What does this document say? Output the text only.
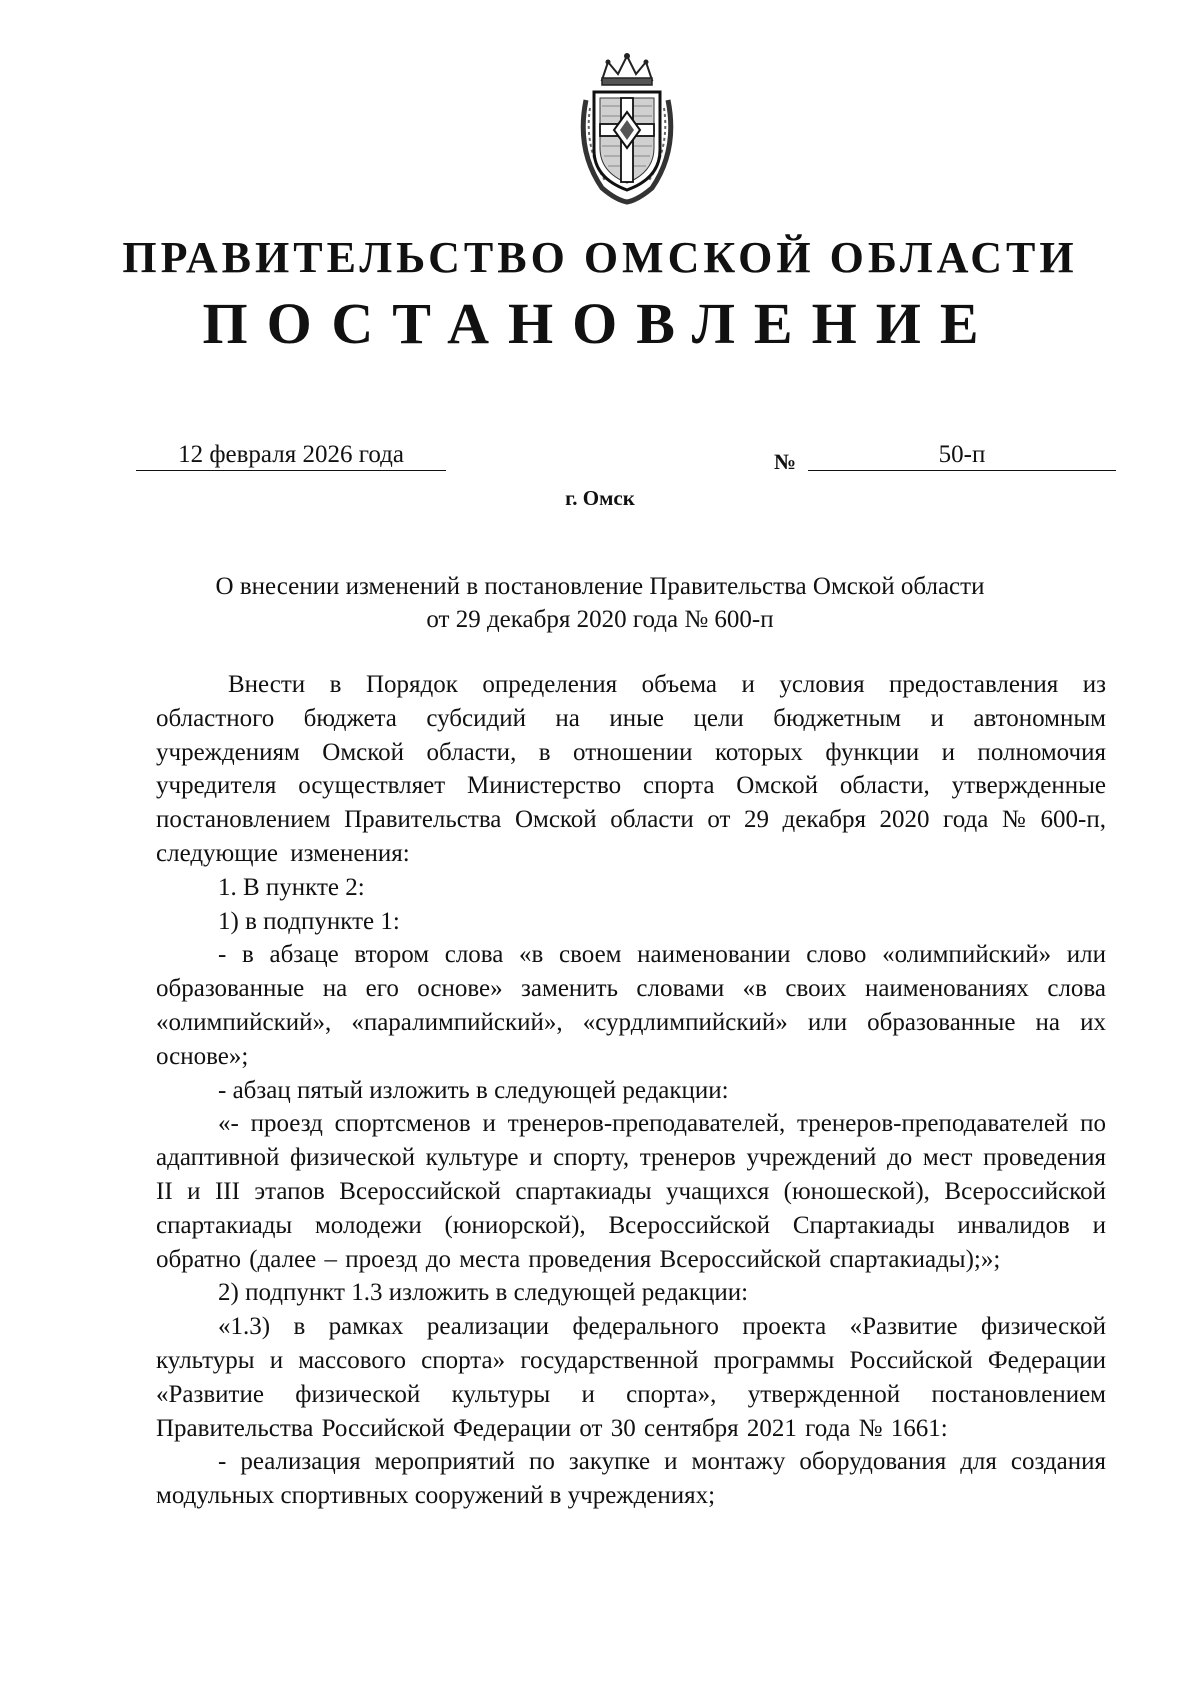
ПРАВИТЕЛЬСТВО ОМСКОЙ ОБЛАСТИ
ПОСТАНОВЛЕНИЕ
12 февраля 2026 года	№	50-п
г. Омск
О внесении изменений в постановление Правительства Омской области
от 29 декабря 2020 года № 600-п

Внести в Порядок определения объема и условия предоставления из областного бюджета субсидий на иные цели бюджетным и автономным учреждениям Омской области, в отношении которых функции и полномочия учредителя осуществляет Министерство спорта Омской области, утвержденные постановлением Правительства Омской области от 29 декабря 2020 года № 600-п, следующие изменения:

1. В пункте 2:

1) в подпункте 1:

- в абзаце втором слова «в своем наименовании слово «олимпийский» или образованные на его основе» заменить словами «в своих наименованиях слова «олимпийский», «паралимпийский», «сурдлимпийский» или образованные на их основе»;

- абзац пятый изложить в следующей редакции:

«- проезд спортсменов и тренеров-преподавателей, тренеров-преподавателей по адаптивной физической культуре и спорту, тренеров учреждений до мест проведения II и III этапов Всероссийской спартакиады учащихся (юношеской), Всероссийской спартакиады молодежи (юниорской), Всероссийской Спартакиады инвалидов и обратно (далее – проезд до места проведения Всероссийской спартакиады);»;

2) подпункт 1.3 изложить в следующей редакции:

«1.3) в рамках реализации федерального проекта «Развитие физической культуры и массового спорта» государственной программы Российской Федерации «Развитие физической культуры и спорта», утвержденной постановлением Правительства Российской Федерации от 30 сентября 2021 года № 1661:

- реализация мероприятий по закупке и монтажу оборудования для создания модульных спортивных сооружений в учреждениях;
